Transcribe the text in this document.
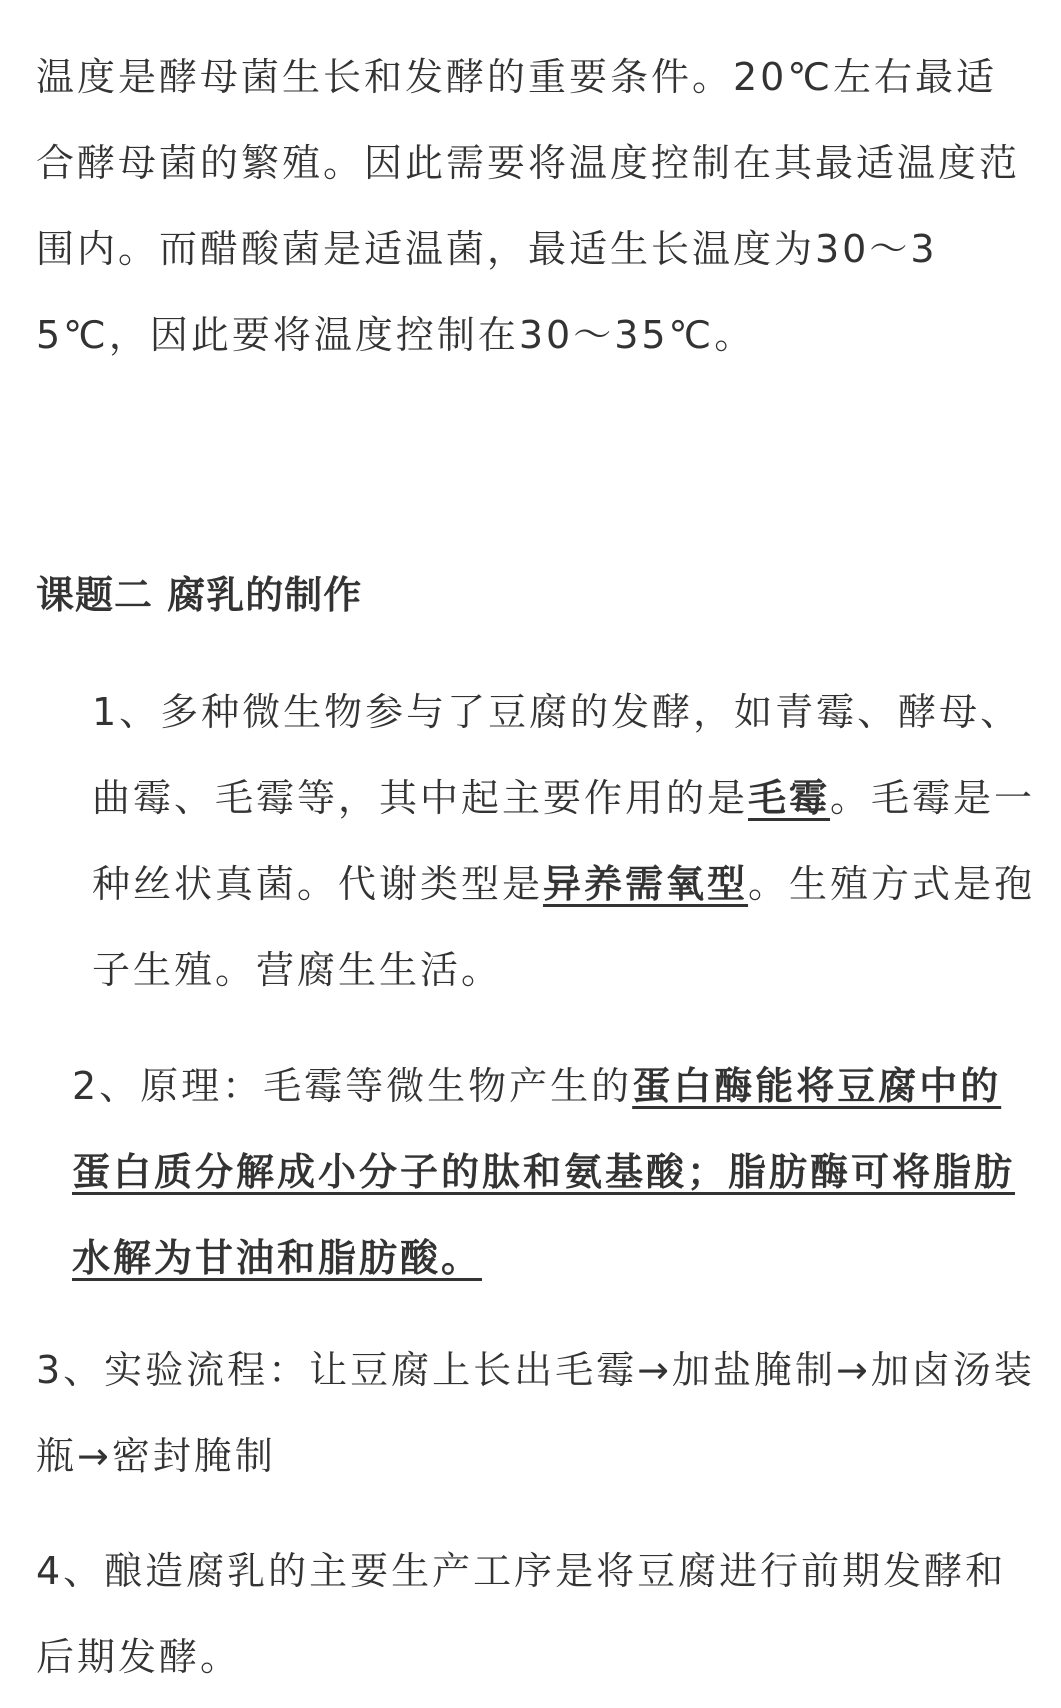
温度是酵母菌生长和发酵的重要条件。20℃左右最适合酵母菌的繁殖。因此需要将温度控制在其最适温度范围内。而醋酸菌是适温菌，最适生长温度为30～35℃，因此要将温度控制在30～35℃。

课题二 腐乳的制作

1、多种微生物参与了豆腐的发酵，如青霉、酵母、曲霉、毛霉等，其中起主要作用的是毛霉。毛霉是一种丝状真菌。代谢类型是异养需氧型。生殖方式是孢子生殖。营腐生生活。

2、原理：毛霉等微生物产生的蛋白酶能将豆腐中的蛋白质分解成小分子的肽和氨基酸；脂肪酶可将脂肪水解为甘油和脂肪酸。

3、实验流程：让豆腐上长出毛霉→加盐腌制→加卤汤装瓶→密封腌制

4、酿造腐乳的主要生产工序是将豆腐进行前期发酵和后期发酵。
